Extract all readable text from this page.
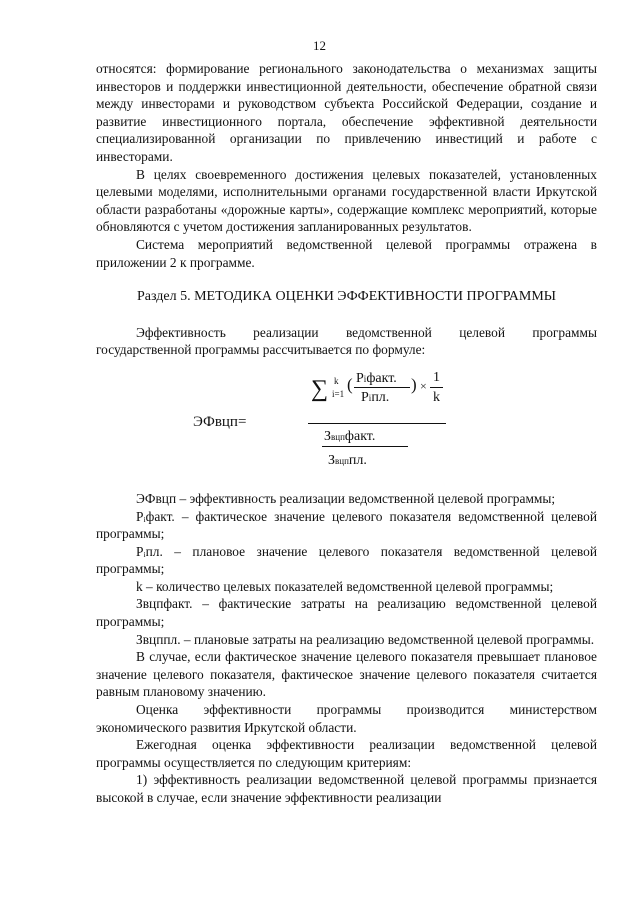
12

относятся: формирование регионального законодательства о механизмах защиты инвесторов и поддержки инвестиционной деятельности, обеспечение обратной связи между инвесторами и руководством субъекта Российской Федерации, создание и развитие инвестиционного портала, обеспечение эффективной деятельности специализированной организации по привлечению инвестиций и работе с инвесторами.

В целях своевременного достижения целевых показателей, установленных целевыми моделями, исполнительными органами государственной власти Иркутской области разработаны «дорожные карты», содержащие комплекс мероприятий, которые обновляются с учетом достижения запланированных результатов.

Система мероприятий ведомственной целевой программы отражена в приложении 2 к программе.

Раздел 5. МЕТОДИКА ОЦЕНКИ ЭФФЕКТИВНОСТИ ПРОГРАММЫ

Эффективность реализации ведомственной целевой программы государственной программы рассчитывается по формуле:

ЭФвцп=
∑ k
i=1 ( Piфакт.
Piпл.
) ×
1
k
Звцпфакт.
Звцппл.

ЭФвцп – эффективность реализации ведомственной целевой программы;

Pᵢфакт. – фактическое значение целевого показателя ведомственной целевой программы;

Pᵢпл. – плановое значение целевого показателя ведомственной целевой программы;

k – количество целевых показателей ведомственной целевой программы;

Звцпфакт. – фактические затраты на реализацию ведомственной целевой программы;

Звцппл. – плановые затраты на реализацию ведомственной целевой программы.

В случае, если фактическое значение целевого показателя превышает плановое значение целевого показателя, фактическое значение целевого показателя считается равным плановому значению.

Оценка эффективности программы производится министерством экономического развития Иркутской области.

Ежегодная оценка эффективности реализации ведомственной целевой программы осуществляется по следующим критериям:

1) эффективность реализации ведомственной целевой программы признается высокой в случае, если значение эффективности реализации
